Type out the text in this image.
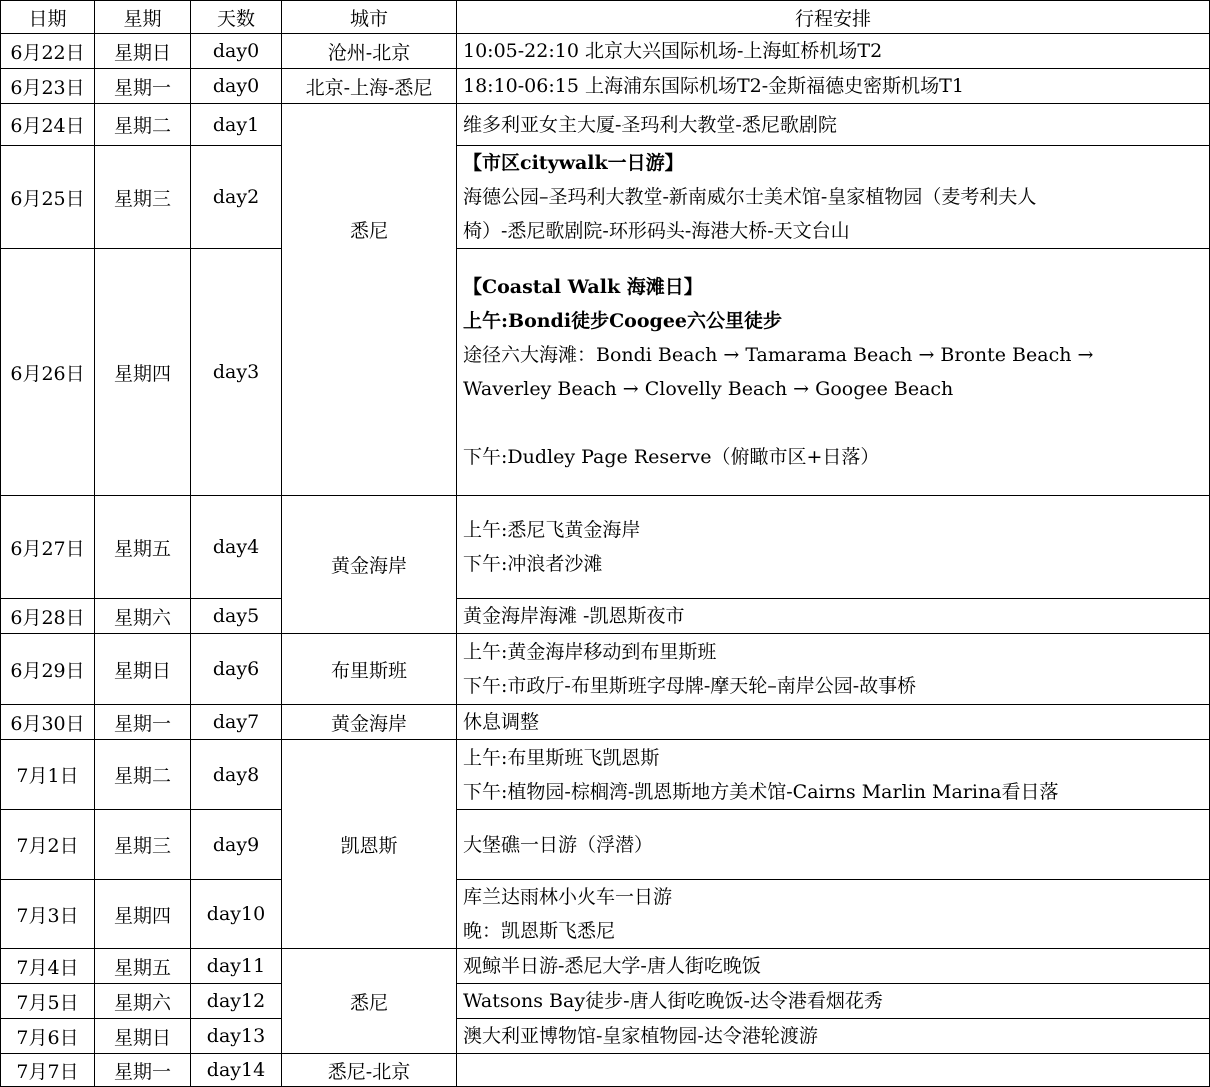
日期	星期	天数	城市	行程安排
6月22日	星期日	day0	沧州-北京	10:05-22:10 北京大兴国际机场-上海虹桥机场T2

6月23日	星期一	day0	北京-上海-悉尼	18:10-06:15 上海浦东国际机场T2-金斯福德史密斯机场T1

6月24日	星期二	day1	悉尼	维多利亚女主大厦-圣玛利大教堂-悉尼歌剧院

6月25日	星期三	day2		【市区citywalk一日游】
海德公园–圣玛利大教堂-新南威尔士美术馆-皇家植物园（麦考利夫人
椅）-悉尼歌剧院-环形码头-海港大桥-天文台山

6月26日	星期四	day3		【Coastal Walk 海滩日】
上午:Bondi徒步Coogee六公里徒步
途径六大海滩：Bondi Beach → Tamarama Beach → Bronte Beach →
Waverley Beach → Clovelly Beach → Googee Beach
下午:Dudley Page Reserve（俯瞰市区+日落）

6月27日	星期五	day4	黄金海岸	上午:悉尼飞黄金海岸
下午:冲浪者沙滩

6月28日	星期六	day5		黄金海岸海滩 -凯恩斯夜市

6月29日	星期日	day6	布里斯班	上午:黄金海岸移动到布里斯班
下午:市政厅-布里斯班字母牌-摩天轮–南岸公园-故事桥

6月30日	星期一	day7	黄金海岸	休息调整

7月1日	星期二	day8	凯恩斯	上午:布里斯班飞凯恩斯
下午:植物园-棕榈湾-凯恩斯地方美术馆-Cairns Marlin Marina看日落

7月2日	星期三	day9		大堡礁一日游（浮潜）

7月3日	星期四	day10		库兰达雨林小火车一日游
晚：凯恩斯飞悉尼

7月4日	星期五	day11	悉尼	观鲸半日游-悉尼大学-唐人街吃晚饭

7月5日	星期六	day12		Watsons Bay徒步-唐人街吃晚饭-达令港看烟花秀

7月6日	星期日	day13		澳大利亚博物馆-皇家植物园-达令港轮渡游

7月7日	星期一	day14	悉尼-北京	
